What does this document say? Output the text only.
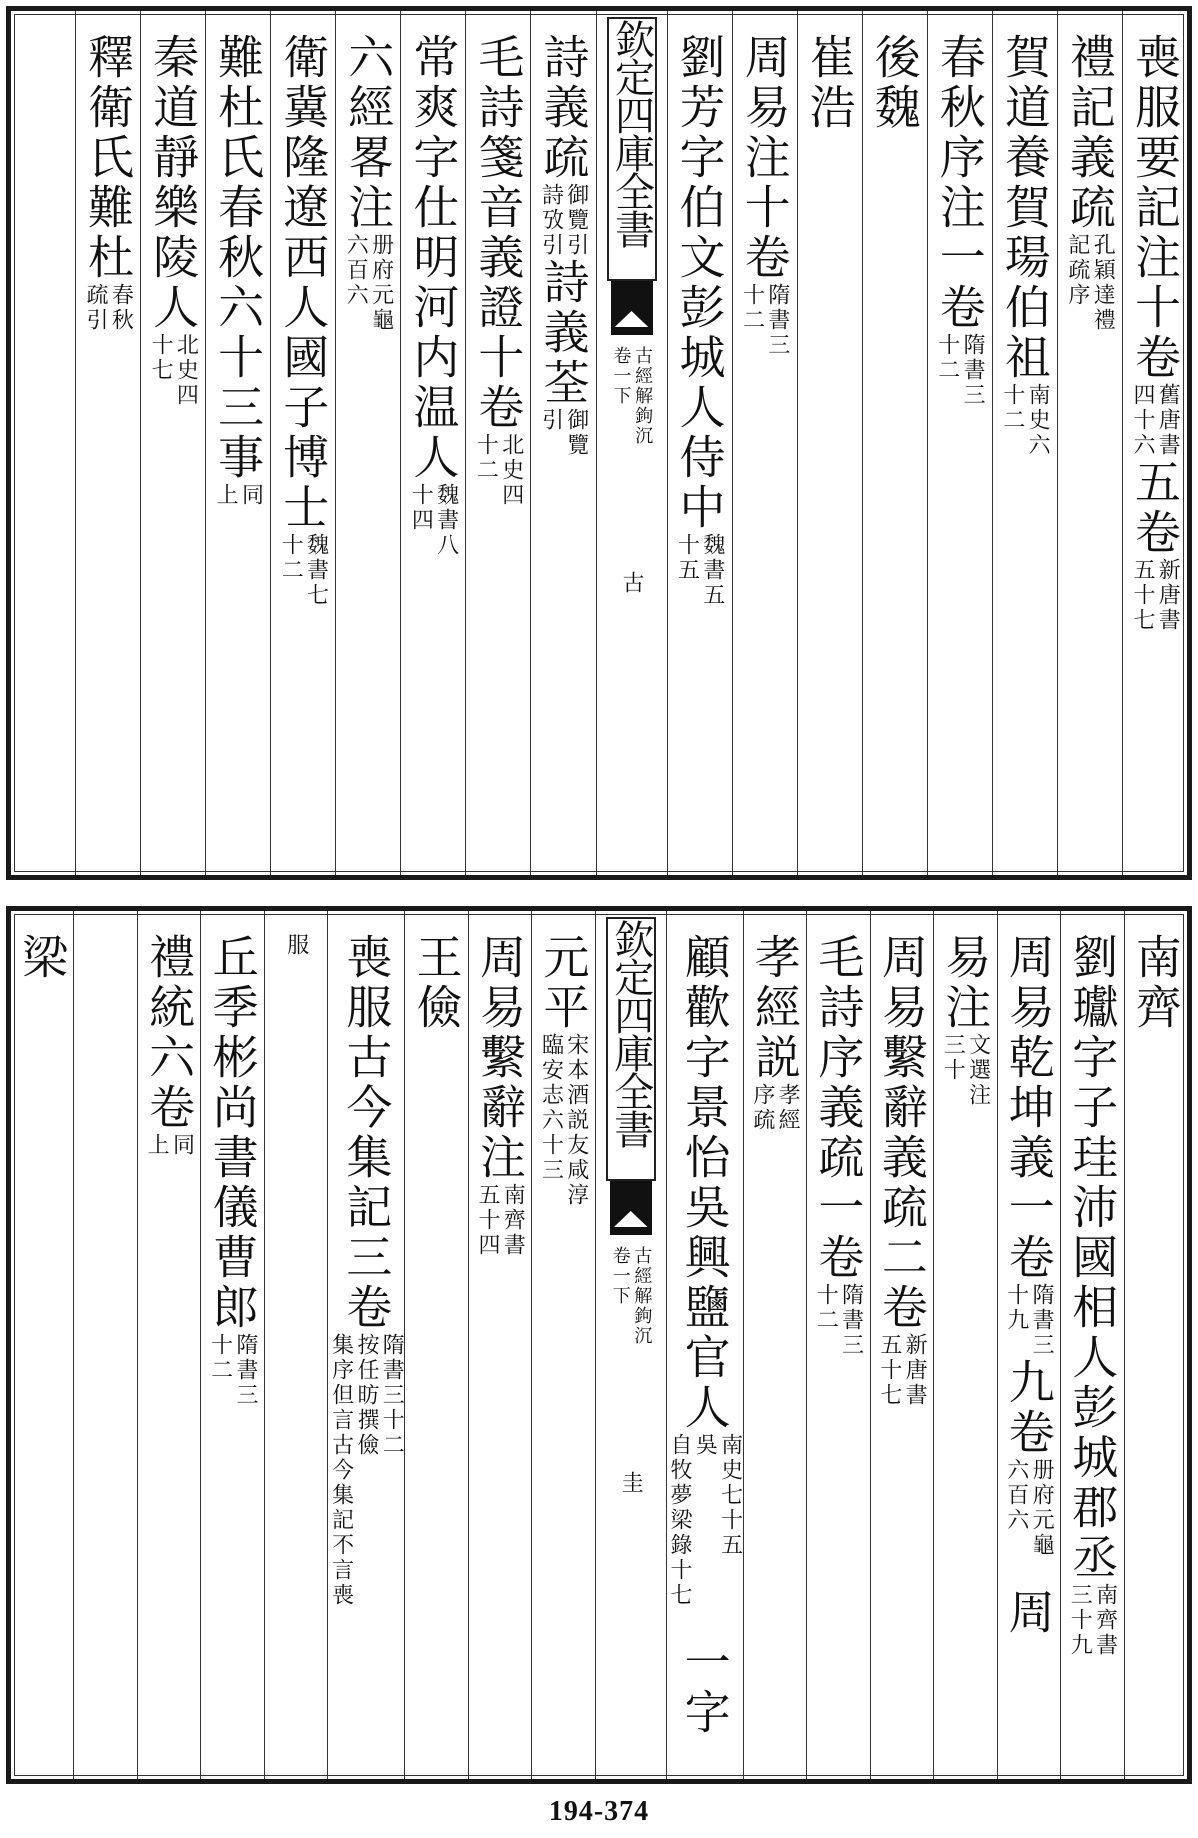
喪服要記注十卷
舊唐書
四十六
五卷
新唐書
五十七
禮記義疏
孔穎達禮
記疏序
賀道養
賀瑒伯祖
南史六
十二
春秋序注一卷
隋書三
十二
後魏
崔浩
周易注十卷
隋書三
十二
劉芳
字伯文彭城人侍中
魏書五
十五
欽定四庫全書
卷一下 古經解鉤沉
古
詩義疏
御覽引
詩攷引
詩義荃
御覽
引
毛詩箋音義證十卷
北史四
十二
常爽
字仕明河内温人
魏書八
十四
六經畧注
册府元龜
六百六
衛冀隆
遼西人國子博士
魏書七
十二
難杜氏春秋六十三事
同
上
秦道靜
樂陵人
北史四
十七
釋衛氏難杜
春秋
疏引
南齊
劉瓛
字子珪沛國相人彭城郡丞
南齊書
三十九
周易乾坤義一卷
隋書三
十九
九卷
册府元龜
六百六
周
易注
文選注
三十
周易繫辭義疏二卷
新唐書
五十七
毛詩序義疏一卷
隋書三
十二
孝經説
孝經
序疏
顧歡
字景怡吳興鹽官人
南史七十五
吳
自牧夢梁錄十七
一字
欽定四庫全書
卷一下 古經解鉤沉
圭
元平
宋本酒説友咸淳
臨安志六十三
周易繫辭注
南齊書
五十四
王儉
喪服古今集記三卷
隋書三十二
按任昉撰儉
集序但言古今集記不言喪
服
丘季彬
尚書儀曹郎
隋書三
十二
禮統六卷
同
上
梁
194-374
